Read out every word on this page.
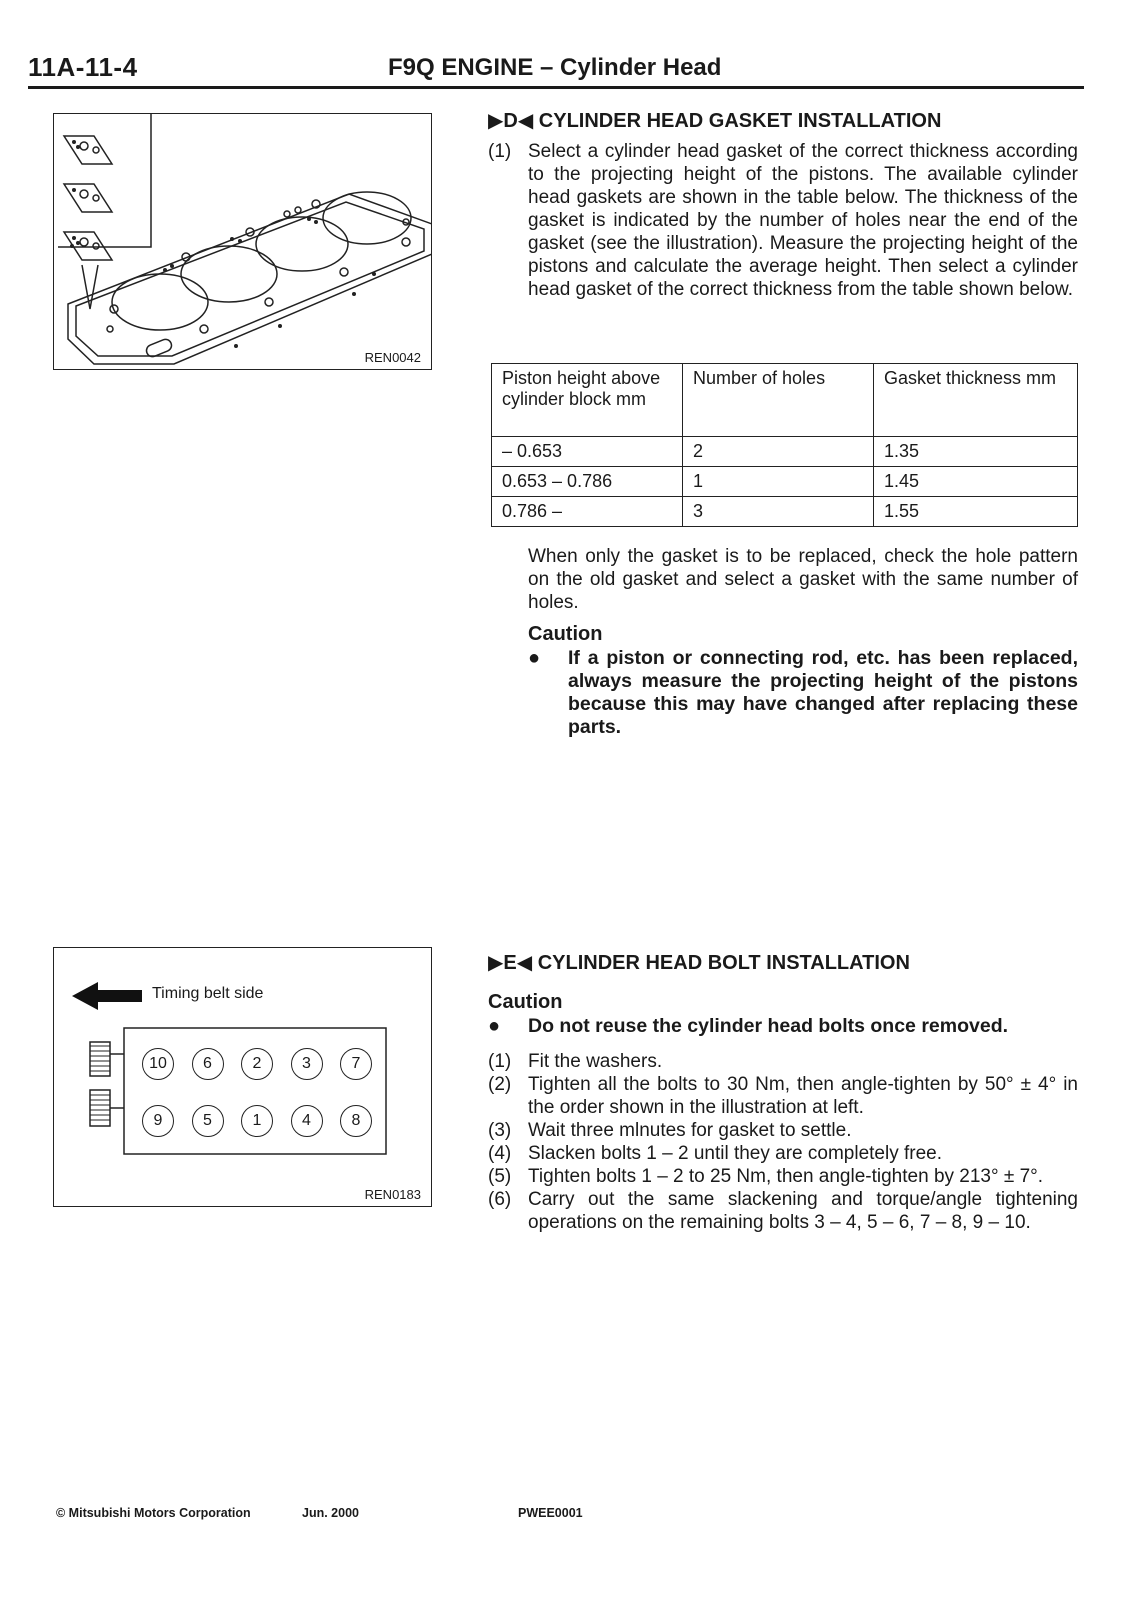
11A-11-4	F9Q ENGINE – Cylinder Head
REN0042
Timing belt side
10	6	2	3	7
9	5	1	4	8
REN0183
▶D◀ CYLINDER HEAD GASKET INSTALLATION
(1) Select a cylinder head gasket of the correct thickness according to the projecting height of the pistons. The available cylinder head gaskets are shown in the table below. The thickness of the gasket is indicated by the number of holes near the end of the gasket (see the illustration). Measure the projecting height of the pistons and calculate the average height. Then select a cylinder head gasket of the correct thickness from the table shown below.
Piston height above cylinder block mm	Number of holes	Gasket thickness mm
– 0.653	2	1.35
0.653 – 0.786	1	1.45
0.786 –	3	1.55
When only the gasket is to be replaced, check the hole pattern on the old gasket and select a gasket with the same number of holes.
Caution
● If a piston or connecting rod, etc. has been replaced, always measure the projecting height of the pistons because this may have changed after replacing these parts.
▶E◀ CYLINDER HEAD BOLT INSTALLATION
Caution
● Do not reuse the cylinder head bolts once removed.
(1) Fit the washers.
(2) Tighten all the bolts to 30 Nm, then angle-tighten by 50° ± 4° in the order shown in the illustration at left.
(3) Wait three mlnutes for gasket to settle.
(4) Slacken bolts 1 – 2 until they are completely free.
(5) Tighten bolts 1 – 2 to 25 Nm, then angle-tighten by 213° ± 7°.
(6) Carry out the same slackening and torque/angle tightening operations on the remaining bolts 3 – 4, 5 – 6, 7 – 8, 9 – 10.
© Mitsubishi Motors Corporation	Jun. 2000	PWEE0001
